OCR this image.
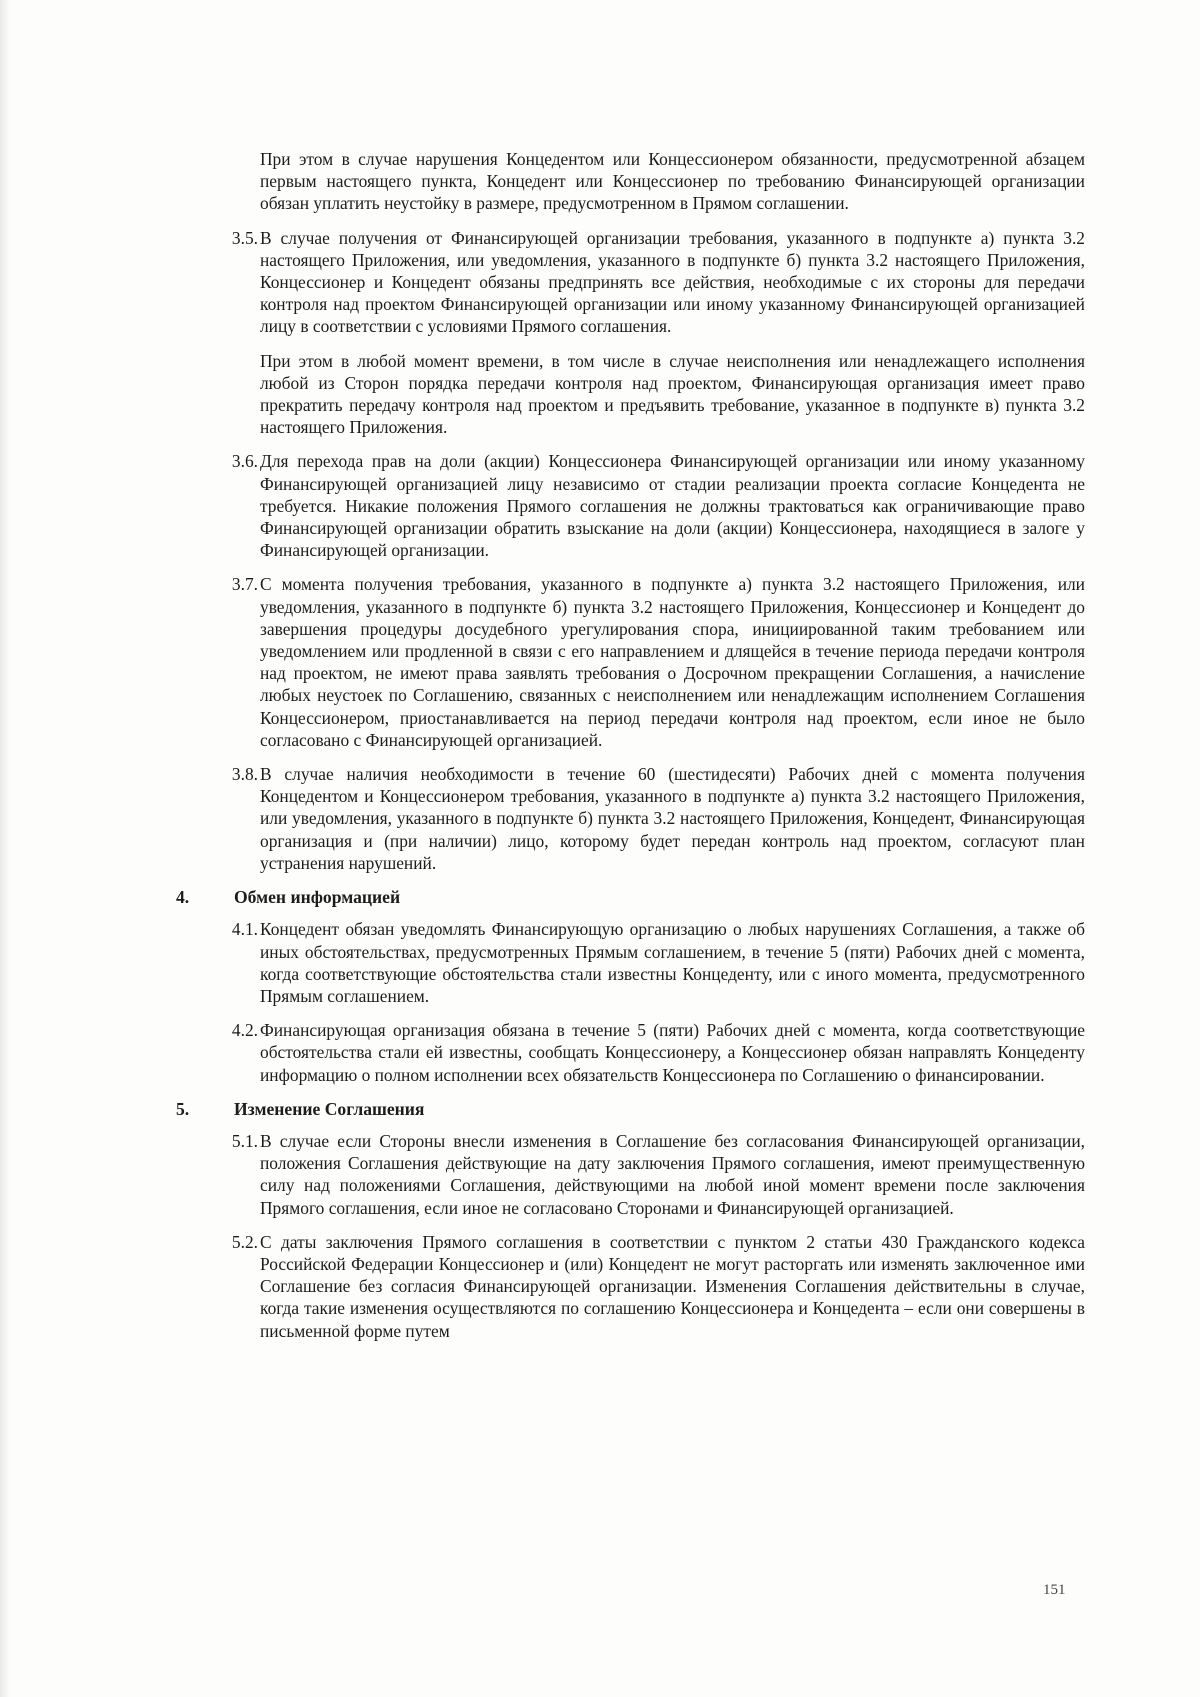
При этом в случае нарушения Концедентом или Концессионером обязанности, предусмотренной абзацем первым настоящего пункта, Концедент или Концессионер по требованию Финансирующей организации обязан уплатить неустойку в размере, предусмотренном в Прямом соглашении.

3.5. В случае получения от Финансирующей организации требования, указанного в подпункте а) пункта 3.2 настоящего Приложения, или уведомления, указанного в подпункте б) пункта 3.2 настоящего Приложения, Концессионер и Концедент обязаны предпринять все действия, необходимые с их стороны для передачи контроля над проектом Финансирующей организации или иному указанному Финансирующей организацией лицу в соответствии с условиями Прямого соглашения.

При этом в любой момент времени, в том числе в случае неисполнения или ненадлежащего исполнения любой из Сторон порядка передачи контроля над проектом, Финансирующая организация имеет право прекратить передачу контроля над проектом и предъявить требование, указанное в подпункте в) пункта 3.2 настоящего Приложения.

3.6. Для перехода прав на доли (акции) Концессионера Финансирующей организации или иному указанному Финансирующей организацией лицу независимо от стадии реализации проекта согласие Концедента не требуется. Никакие положения Прямого соглашения не должны трактоваться как ограничивающие право Финансирующей организации обратить взыскание на доли (акции) Концессионера, находящиеся в залоге у Финансирующей организации.
3.7. С момента получения требования, указанного в подпункте а) пункта 3.2 настоящего Приложения, или уведомления, указанного в подпункте б) пункта 3.2 настоящего Приложения, Концессионер и Концедент до завершения процедуры досудебного урегулирования спора, инициированной таким требованием или уведомлением или продленной в связи с его направлением и длящейся в течение периода передачи контроля над проектом, не имеют права заявлять требования о Досрочном прекращении Соглашения, а начисление любых неустоек по Соглашению, связанных с неисполнением или ненадлежащим исполнением Соглашения Концессионером, приостанавливается на период передачи контроля над проектом, если иное не было согласовано с Финансирующей организацией.
3.8. В случае наличия необходимости в течение 60 (шестидесяти) Рабочих дней с момента получения Концедентом и Концессионером требования, указанного в подпункте а) пункта 3.2 настоящего Приложения, или уведомления, указанного в подпункте б) пункта 3.2 настоящего Приложения, Концедент, Финансирующая организация и (при наличии) лицо, которому будет передан контроль над проектом, согласуют план устранения нарушений.
4.	Обмен информацией
4.1. Концедент обязан уведомлять Финансирующую организацию о любых нарушениях Соглашения, а также об иных обстоятельствах, предусмотренных Прямым соглашением, в течение 5 (пяти) Рабочих дней с момента, когда соответствующие обстоятельства стали известны Концеденту, или с иного момента, предусмотренного Прямым соглашением.
4.2. Финансирующая организация обязана в течение 5 (пяти) Рабочих дней с момента, когда соответствующие обстоятельства стали ей известны, сообщать Концессионеру, а Концессионер обязан направлять Концеденту информацию о полном исполнении всех обязательств Концессионера по Соглашению о финансировании.
5.	Изменение Соглашения
5.1. В случае если Стороны внесли изменения в Соглашение без согласования Финансирующей организации, положения Соглашения действующие на дату заключения Прямого соглашения, имеют преимущественную силу над положениями Соглашения, действующими на любой иной момент времени после заключения Прямого соглашения, если иное не согласовано Сторонами и Финансирующей организацией.
5.2. С даты заключения Прямого соглашения в соответствии с пунктом 2 статьи 430 Гражданского кодекса Российской Федерации Концессионер и (или) Концедент не могут расторгать или изменять заключенное ими Соглашение без согласия Финансирующей организации. Изменения Соглашения действительны в случае, когда такие изменения осуществляются по соглашению Концессионера и Концедента – если они совершены в письменной форме путем
151
